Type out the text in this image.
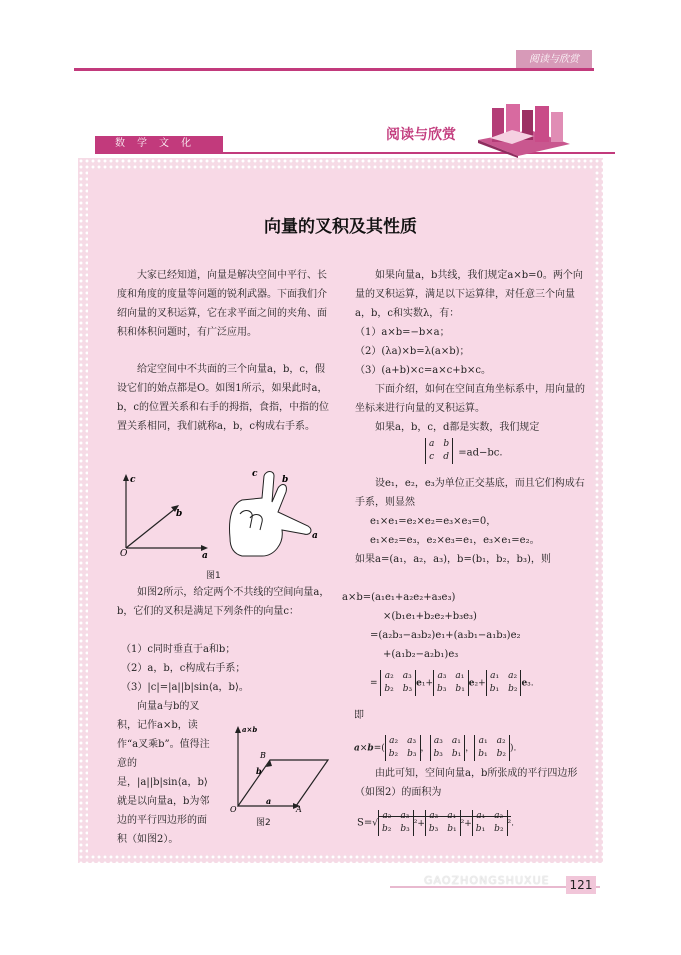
阅读与欣赏
数学文化
阅读与欣赏
向量的叉积及其性质
大家已经知道，向量是解决空间中平行、长度和角度的度量等问题的锐利武器。下面我们介绍向量的叉积运算，它在求平面之间的夹角、面积和体积问题时，有广泛应用。
给定空间中不共面的三个向量a，b，c，假设它们的始点都是O。如图1所示，如果此时a，b，c的位置关系和右手的拇指，食指，中指的位置关系相同，我们就称a，b，c构成右手系。
O
c
a
b
c
b
a
图1
如图2所示，给定两个不共线的空间向量a，b，它们的叉积是满足下列条件的向量c：
（1）c同时垂直于a和b；
（2）a，b，c构成右手系；
（3）|c|=|a||b|sin⟨a，b⟩。
向量a与b的叉积，记作a×b，读作“a叉乘b”。值得注意的是，|a||b|sin⟨a，b⟩就是以向量a，b为邻边的平行四边形的面积（如图2）。
a×b
O
B
b
a
A
图2
如果向量a，b共线，我们规定a×b=0。两个向量的叉积运算，满足以下运算律，对任意三个向量a，b，c和实数λ，有：
（1）a×b=−b×a；
（2）(λa)×b=λ(a×b)；
（3）(a+b)×c=a×c+b×c。
下面介绍，如何在空间直角坐标系中，用向量的坐标来进行向量的叉积运算。
如果a，b，c，d都是实数，我们规定
a  b
c  d =ad−bc.
设e₁，e₂，e₃为单位正交基底，而且它们构成右手系，则显然
e₁×e₁=e₂×e₂=e₃×e₃=0，
e₁×e₂=e₃，e₂×e₃=e₁，e₃×e₁=e₂。
如果a=(a₁，a₂，a₃)，b=(b₁，b₂，b₃)，则
a×b=(a₁e₁+a₂e₂+a₃e₃)
×(b₁e₁+b₂e₂+b₃e₃)
=(a₂b₃−a₃b₂)e₁+(a₃b₁−a₁b₃)e₂
+(a₁b₂−a₂b₁)e₃
= a₂ a₃
b₂ b₃e₁+a₃ a₁
b₃ b₁e₂+a₁ a₂
b₁ b₂e₃.
即
a×b=(a₂ a₃
b₂ b₃，a₃ a₁
b₃ b₁，a₁ a₂
b₁ b₂).
由此可知，空间向量a，b所张成的平行四边形（如图2）的面积为
S=√a₂ a₃
b₂ b₃²+a₃ a₁
b₃ b₁²+a₁ a₂
b₁ b₂².
GAOZHONGSHUXUE 121
